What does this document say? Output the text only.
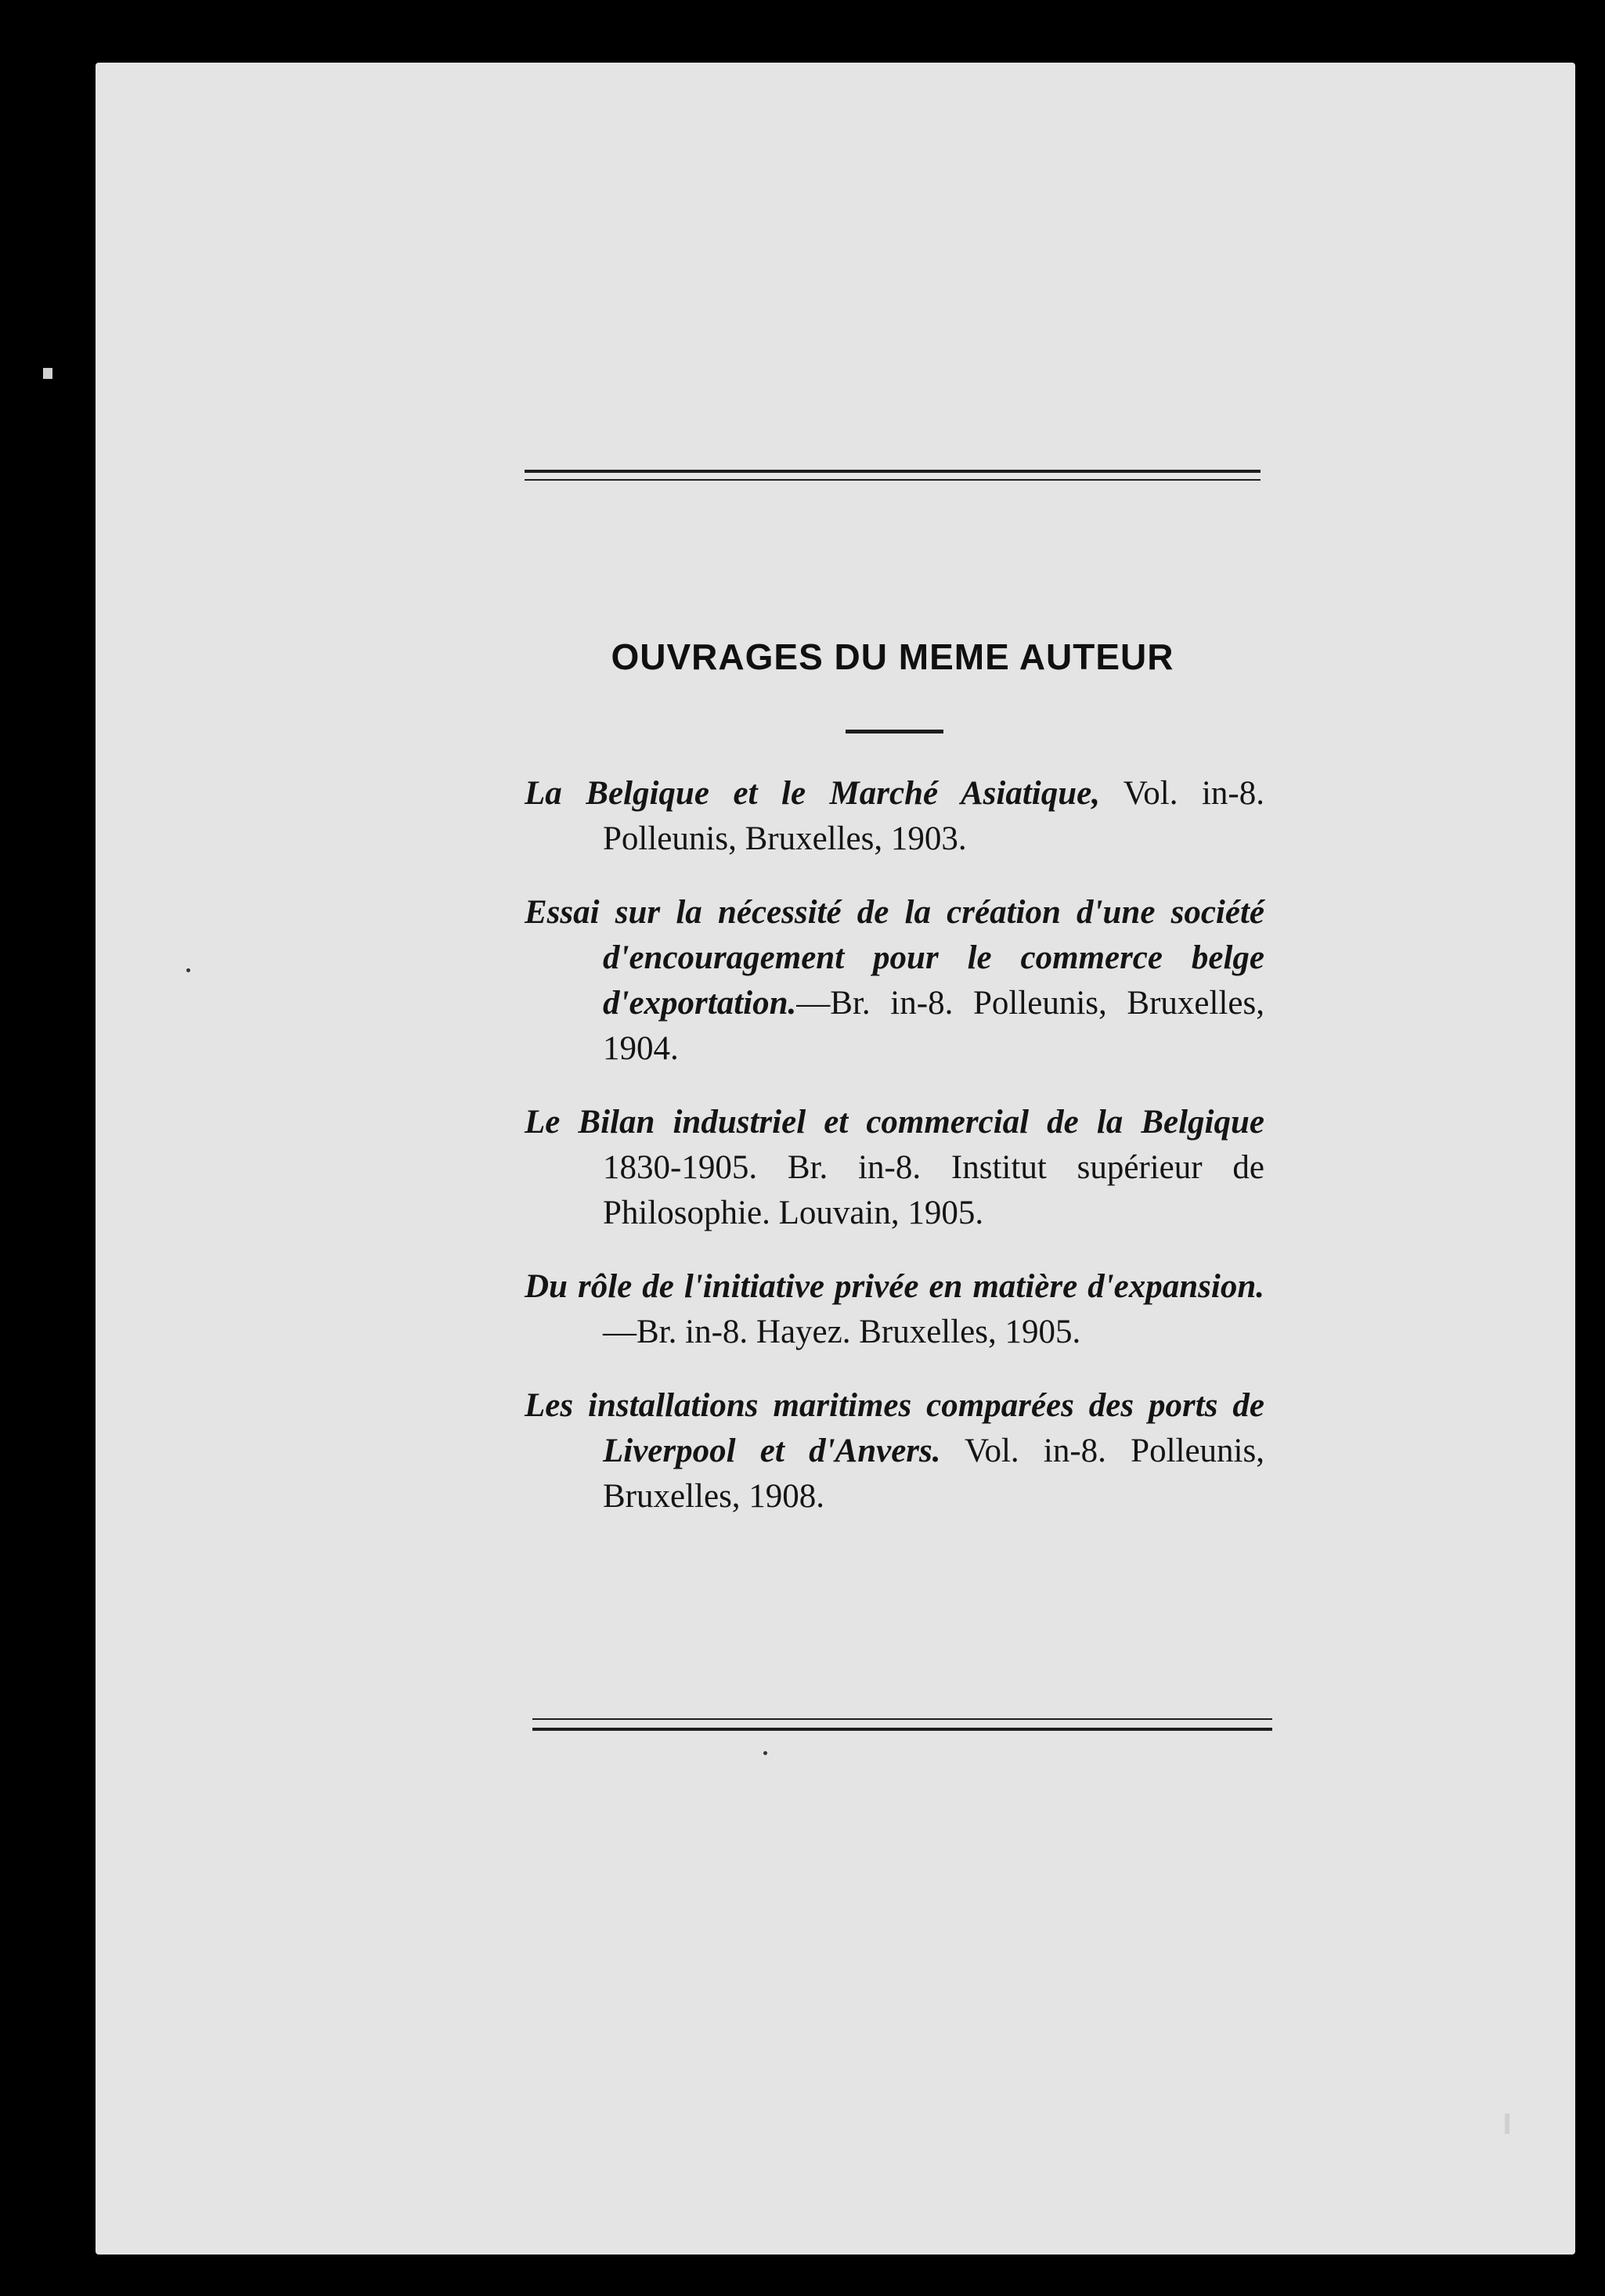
OUVRAGES DU MEME AUTEUR
La Belgique et le Marché Asiatique, Vol. in-8. Polleunis, Bruxelles, 1903.
Essai sur la nécessité de la création d'une société d'encouragement pour le commerce belge d'exportation.—Br. in-8. Polleunis, Bruxelles, 1904.
Le Bilan industriel et commercial de la Belgique 1830-1905. Br. in-8. Institut supérieur de Philosophie. Louvain, 1905.
Du rôle de l'initiative privée en matière d'expansion.—Br. in-8. Hayez. Bruxelles, 1905.
Les installations maritimes comparées des ports de Liverpool et d'Anvers. Vol. in-8. Polleunis, Bruxelles, 1908.
